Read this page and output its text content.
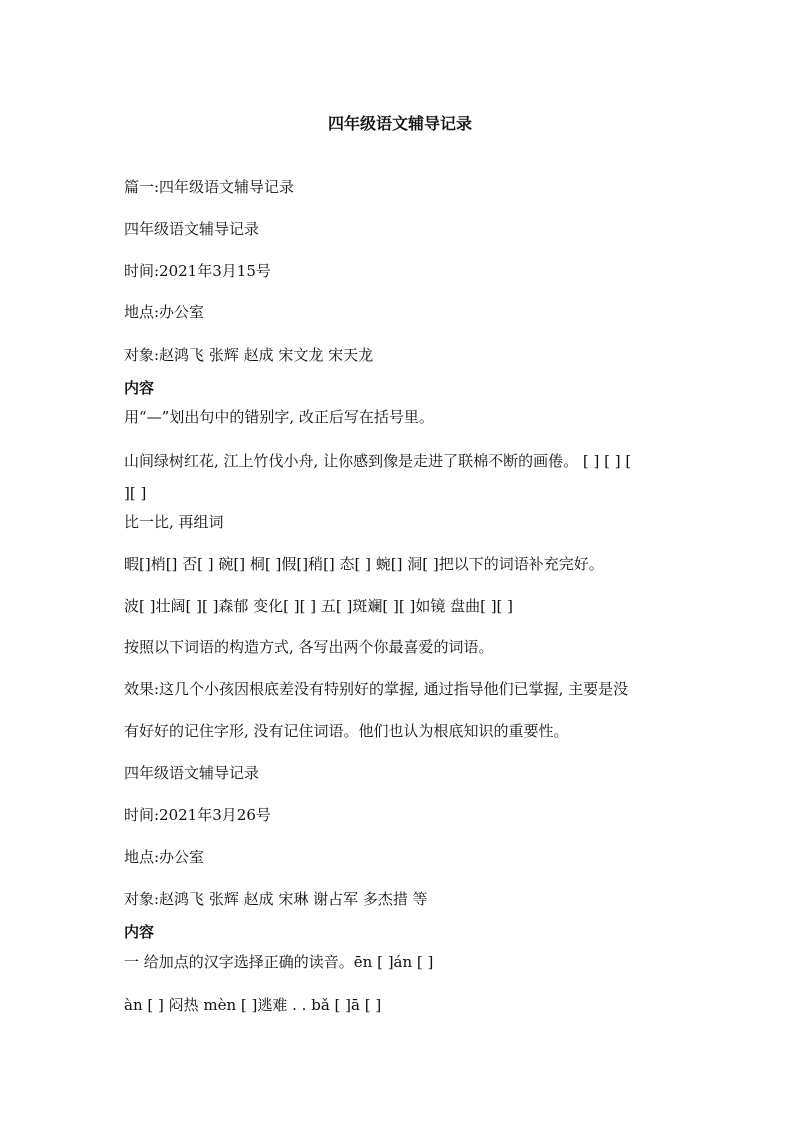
四年级语文辅导记录
篇一:四年级语文辅导记录
四年级语文辅导记录
时间:2021年3月15号
地点:办公室
对象:赵鸿飞 张辉 赵成 宋文龙 宋天龙
内容
用“—”划出句中的错别字, 改正后写在括号里。
山间绿树红花, 江上竹伐小舟, 让你感到像是走进了联棉不断的画倦。 [ ] [ ] [
][ ]
比一比, 再组词
暇[]梢[] 否[ ] 碗[] 桐[ ]假[]稍[] 态[ ] 蜿[] 洞[ ]把以下的词语补充完好。
波[ ]壮阔[ ][ ]森郁 变化[ ][ ] 五[ ]斑斓[ ][ ]如镜 盘曲[ ][ ]
按照以下词语的构造方式, 各写出两个你最喜爱的词语。
效果:这几个小孩因根底差没有特别好的掌握, 通过指导他们已掌握, 主要是没
有好好的记住字形, 没有记住词语。他们也认为根底知识的重要性。
四年级语文辅导记录
时间:2021年3月26号
地点:办公室
对象:赵鸿飞 张辉 赵成 宋琳 谢占军 多杰措 等
内容
一 给加点的汉字选择正确的读音。ēn [ ]án [ ]
àn [ ] 闷热 mèn [ ]逃难 . . bǎ [ ]ā [ ]
